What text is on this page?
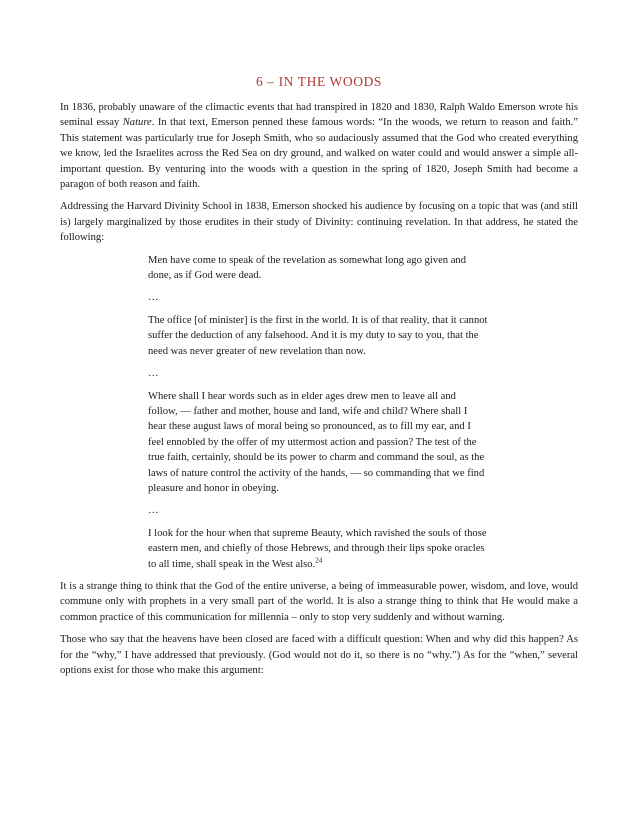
6 – IN THE WOODS

In 1836, probably unaware of the climactic events that had transpired in 1820 and 1830, Ralph Waldo Emerson wrote his seminal essay Nature. In that text, Emerson penned these famous words: “In the woods, we return to reason and faith.” This statement was particularly true for Joseph Smith, who so audaciously assumed that the God who created everything we know, led the Israelites across the Red Sea on dry ground, and walked on water could and would answer a simple all-important question. By venturing into the woods with a question in the spring of 1820, Joseph Smith had become a paragon of both reason and faith.

Addressing the Harvard Divinity School in 1838, Emerson shocked his audience by focusing on a topic that was (and still is) largely marginalized by those erudites in their study of Divinity: continuing revelation. In that address, he stated the following:

Men have come to speak of the revelation as somewhat long ago given and done, as if God were dead.

…

The office [of minister] is the first in the world. It is of that reality, that it cannot suffer the deduction of any falsehood. And it is my duty to say to you, that the need was never greater of new revelation than now.

…

Where shall I hear words such as in elder ages drew men to leave all and follow, — father and mother, house and land, wife and child? Where shall I hear these august laws of moral being so pronounced, as to fill my ear, and I feel ennobled by the offer of my uttermost action and passion? The test of the true faith, certainly, should be its power to charm and command the soul, as the laws of nature control the activity of the hands, — so commanding that we find pleasure and honor in obeying.

…

I look for the hour when that supreme Beauty, which ravished the souls of those eastern men, and chiefly of those Hebrews, and through their lips spoke oracles to all time, shall speak in the West also.$^{24}$

It is a strange thing to think that the God of the entire universe, a being of immeasurable power, wisdom, and love, would commune only with prophets in a very small part of the world. It is also a strange thing to think that He would make a common practice of this communication for millennia – only to stop very suddenly and without warning.

Those who say that the heavens have been closed are faced with a difficult question: When and why did this happen? As for the “why,” I have addressed that previously. (God would not do it, so there is no “why.”) As for the “when,” several options exist for those who make this argument:
